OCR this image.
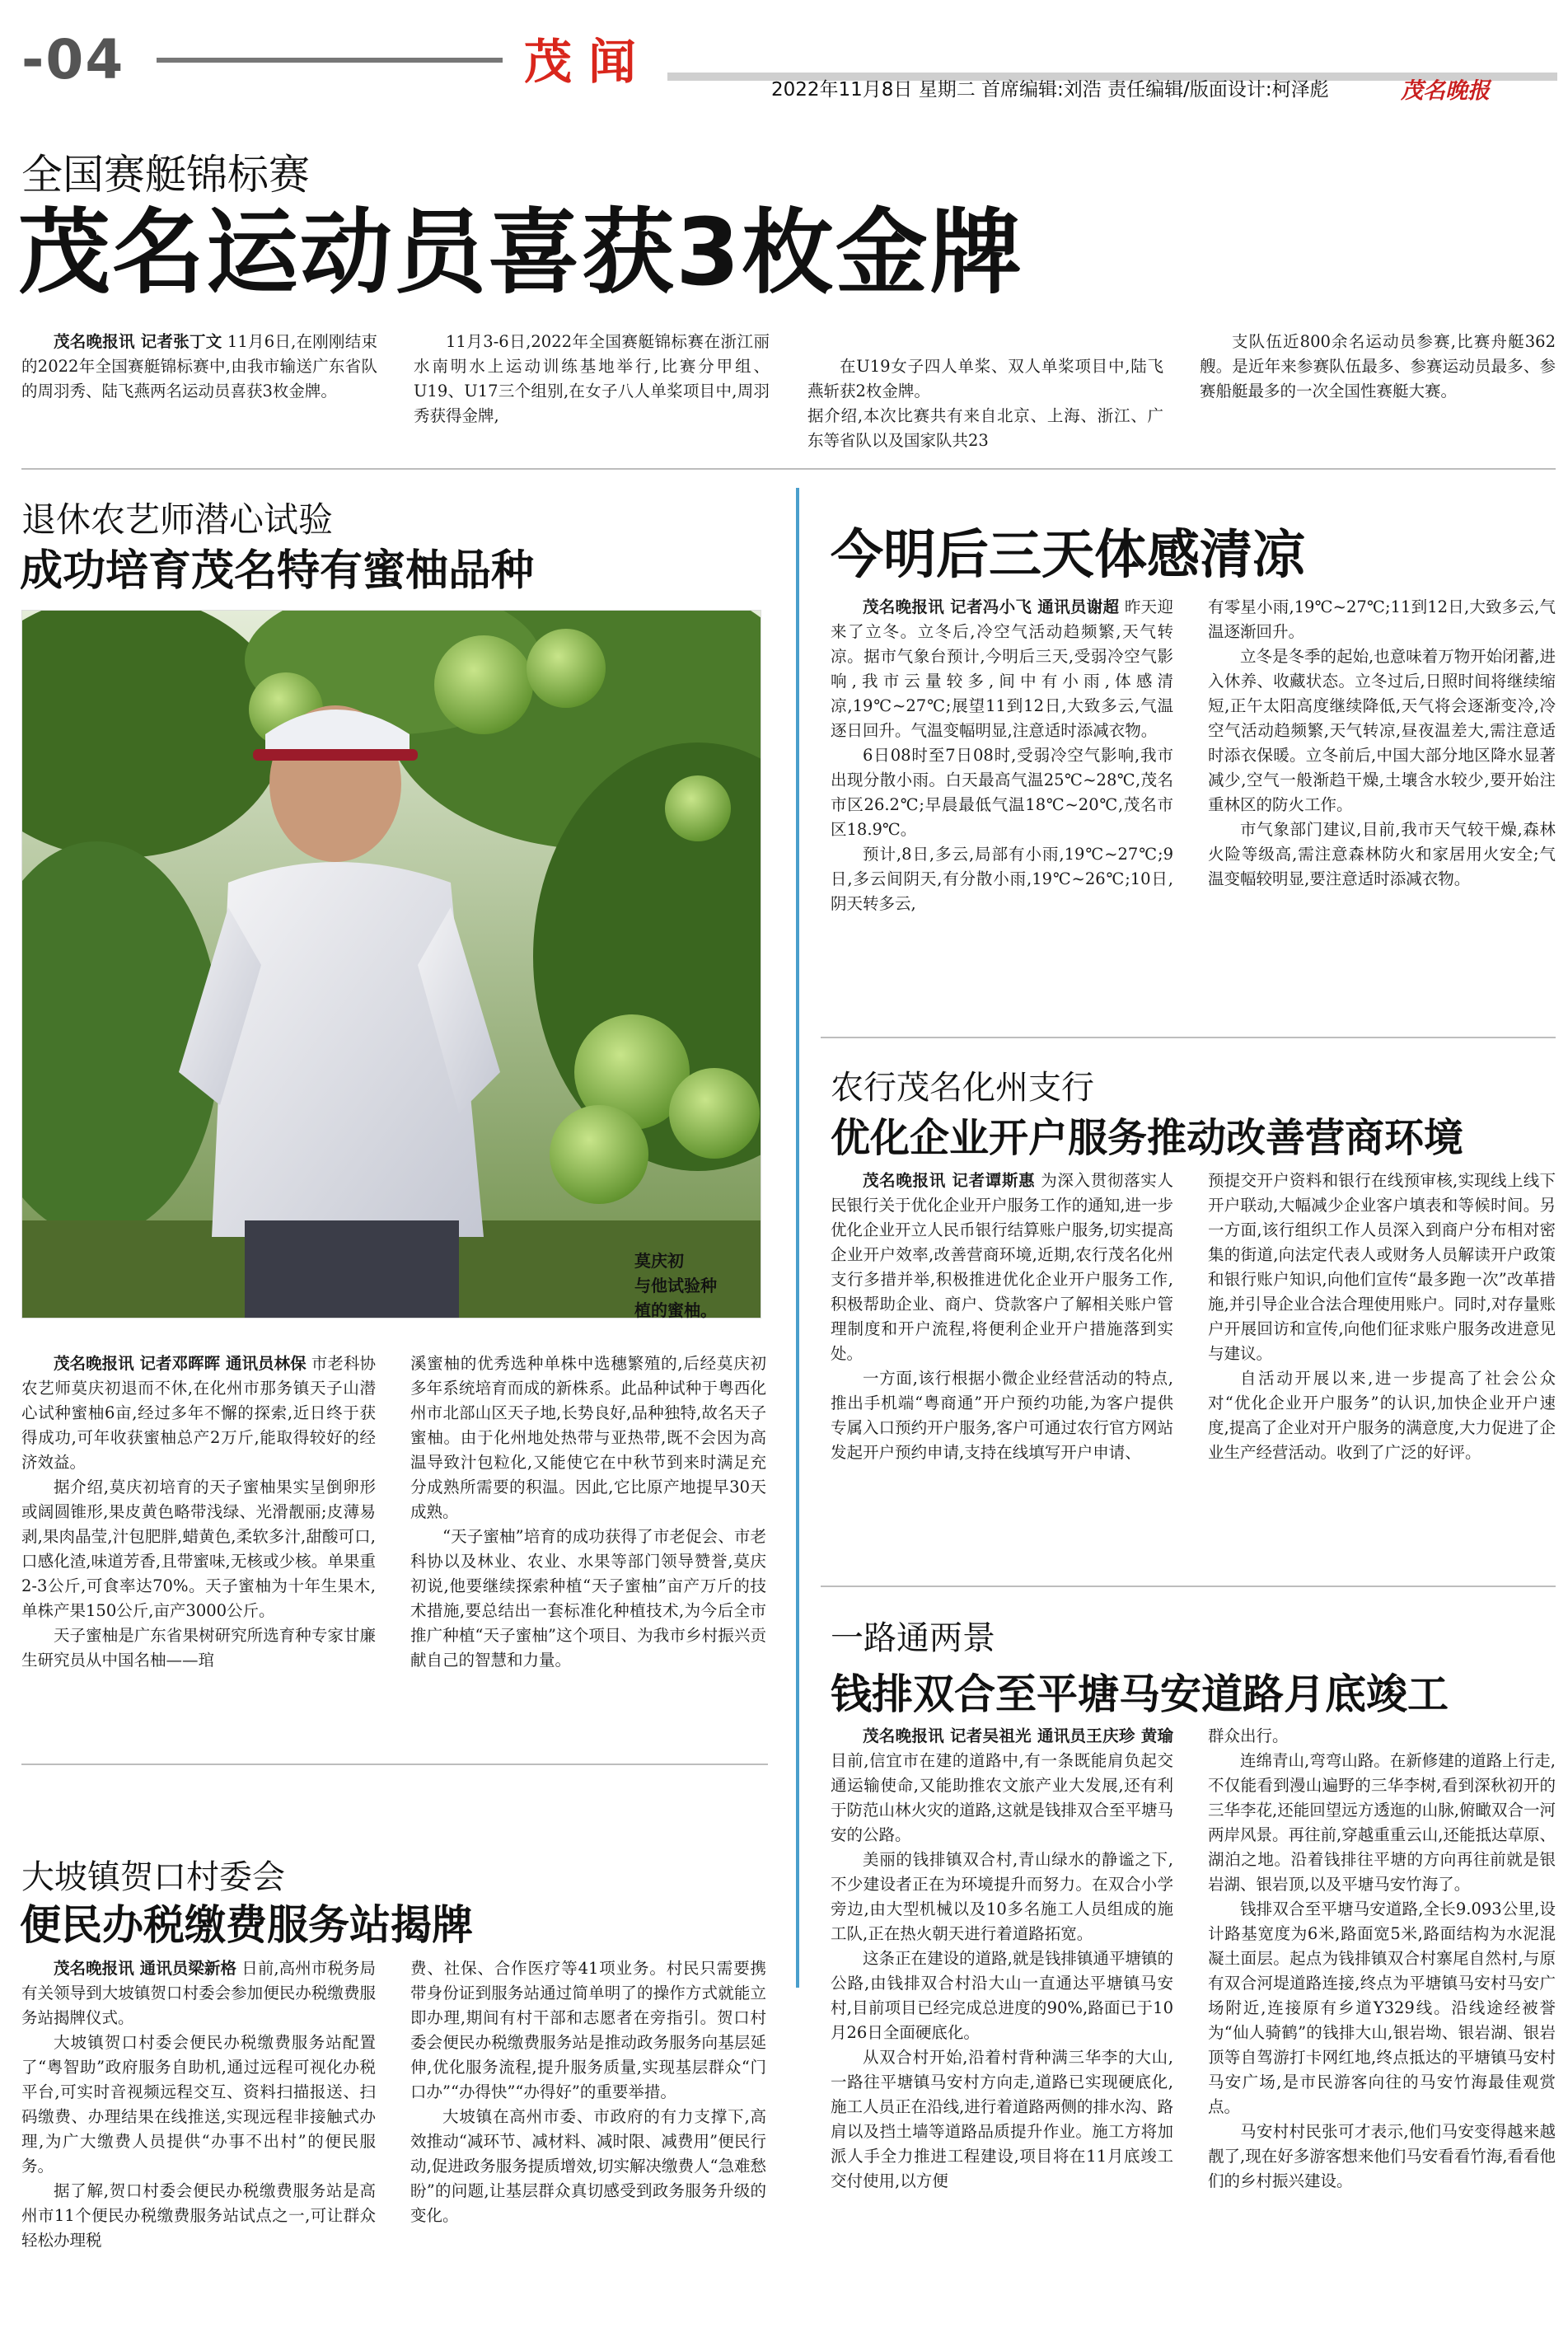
-04	茂 闻	2022年11月8日 星期二 首席编辑:刘浩 责任编辑/版面设计:柯泽彪	茂名晚报
全国赛艇锦标赛
茂名运动员喜获3枚金牌

茂名晚报讯 记者张丁文 11月6日,在刚刚结束的2022年全国赛艇锦标赛中,由我市输送广东省队的周羽秀、陆飞燕两名运动员喜获3枚金牌。

11月3-6日,2022年全国赛艇锦标赛在浙江丽水南明水上运动训练基地举行,比赛分甲组、U19、U17三个组别,在女子八人单桨项目中,周羽秀获得金牌,

在U19女子四人单桨、双人单桨项目中,陆飞燕斩获2枚金牌。
据介绍,本次比赛共有来自北京、上海、浙江、广东等省队以及国家队共23

支队伍近800余名运动员参赛,比赛舟艇362艘。是近年来参赛队伍最多、参赛运动员最多、参赛船艇最多的一次全国性赛艇大赛。

退休农艺师潜心试验
成功培育茂名特有蜜柚品种
莫庆初
与他试验种
植的蜜柚。

茂名晚报讯 记者邓晖晖 通讯员林保 市老科协农艺师莫庆初退而不休,在化州市那务镇天子山潜心试种蜜柚6亩,经过多年不懈的探索,近日终于获得成功,可年收获蜜柚总产2万斤,能取得较好的经济效益。

据介绍,莫庆初培育的天子蜜柚果实呈倒卵形或阔圆锥形,果皮黄色略带浅绿、光滑靓丽;皮薄易剥,果肉晶莹,汁包肥胖,蜡黄色,柔软多汁,甜酸可口,口感化渣,味道芳香,且带蜜味,无核或少核。单果重2-3公斤,可食率达70%。天子蜜柚为十年生果木,单株产果150公斤,亩产3000公斤。

天子蜜柚是广东省果树研究所选育种专家甘廉生研究员从中国名柚——琯

溪蜜柚的优秀选种单株中选穗繁殖的,后经莫庆初多年系统培育而成的新株系。此品种试种于粤西化州市北部山区天子地,长势良好,品种独特,故名天子蜜柚。由于化州地处热带与亚热带,既不会因为高温导致汁包粒化,又能使它在中秋节到来时满足充分成熟所需要的积温。因此,它比原产地提早30天成熟。

“天子蜜柚”培育的成功获得了市老促会、市老科协以及林业、农业、水果等部门领导赞誉,莫庆初说,他要继续探索种植“天子蜜柚”亩产万斤的技术措施,要总结出一套标准化种植技术,为今后全市推广种植“天子蜜柚”这个项目、为我市乡村振兴贡献自己的智慧和力量。

今明后三天体感清凉

茂名晚报讯 记者冯小飞 通讯员谢超 昨天迎来了立冬。立冬后,冷空气活动趋频繁,天气转凉。据市气象台预计,今明后三天,受弱冷空气影响,我市云量较多,间中有小雨,体感清凉,19℃~27℃;展望11到12日,大致多云,气温逐日回升。气温变幅明显,注意适时添减衣物。

6日08时至7日08时,受弱冷空气影响,我市出现分散小雨。白天最高气温25℃~28℃,茂名市区26.2℃;早晨最低气温18℃~20℃,茂名市区18.9℃。

预计,8日,多云,局部有小雨,19℃~27℃;9日,多云间阴天,有分散小雨,19℃~26℃;10日,阴天转多云,

有零星小雨,19℃~27℃;11到12日,大致多云,气温逐渐回升。

立冬是冬季的起始,也意味着万物开始闭蓄,进入休养、收藏状态。立冬过后,日照时间将继续缩短,正午太阳高度继续降低,天气将会逐渐变冷,冷空气活动趋频繁,天气转凉,昼夜温差大,需注意适时添衣保暖。立冬前后,中国大部分地区降水显著减少,空气一般渐趋干燥,土壤含水较少,要开始注重林区的防火工作。

市气象部门建议,目前,我市天气较干燥,森林火险等级高,需注意森林防火和家居用火安全;气温变幅较明显,要注意适时添减衣物。

农行茂名化州支行
优化企业开户服务推动改善营商环境

茂名晚报讯 记者谭斯惠 为深入贯彻落实人民银行关于优化企业开户服务工作的通知,进一步优化企业开立人民币银行结算账户服务,切实提高企业开户效率,改善营商环境,近期,农行茂名化州支行多措并举,积极推进优化企业开户服务工作,积极帮助企业、商户、贷款客户了解相关账户管理制度和开户流程,将便利企业开户措施落到实处。

一方面,该行根据小微企业经营活动的特点,推出手机端“粤商通”开户预约功能,为客户提供专属入口预约开户服务,客户可通过农行官方网站发起开户预约申请,支持在线填写开户申请、

预提交开户资料和银行在线预审核,实现线上线下开户联动,大幅减少企业客户填表和等候时间。另一方面,该行组织工作人员深入到商户分布相对密集的街道,向法定代表人或财务人员解读开户政策和银行账户知识,向他们宣传“最多跑一次”改革措施,并引导企业合法合理使用账户。同时,对存量账户开展回访和宣传,向他们征求账户服务改进意见与建议。

自活动开展以来,进一步提高了社会公众对“优化企业开户服务”的认识,加快企业开户速度,提高了企业对开户服务的满意度,大力促进了企业生产经营活动。收到了广泛的好评。

一路通两景
钱排双合至平塘马安道路月底竣工

茂名晚报讯 记者吴祖光 通讯员王庆珍 黄瑜 目前,信宜市在建的道路中,有一条既能肩负起交通运输使命,又能助推农文旅产业大发展,还有利于防范山林火灾的道路,这就是钱排双合至平塘马安的公路。

美丽的钱排镇双合村,青山绿水的静谧之下,不少建设者正在为环境提升而努力。在双合小学旁边,由大型机械以及10多名施工人员组成的施工队,正在热火朝天进行着道路拓宽。

这条正在建设的道路,就是钱排镇通平塘镇的公路,由钱排双合村沿大山一直通达平塘镇马安村,目前项目已经完成总进度的90%,路面已于10月26日全面硬底化。

从双合村开始,沿着村背种满三华李的大山,一路往平塘镇马安村方向走,道路已实现硬底化,施工人员正在沿线,进行着道路两侧的排水沟、路肩以及挡土墙等道路品质提升作业。施工方将加派人手全力推进工程建设,项目将在11月底竣工交付使用,以方便

群众出行。

连绵青山,弯弯山路。在新修建的道路上行走,不仅能看到漫山遍野的三华李树,看到深秋初开的三华李花,还能回望远方透迤的山脉,俯瞰双合一河两岸风景。再往前,穿越重重云山,还能抵达草原、湖泊之地。沿着钱排往平塘的方向再往前就是银岩湖、银岩顶,以及平塘马安竹海了。

钱排双合至平塘马安道路,全长9.093公里,设计路基宽度为6米,路面宽5米,路面结构为水泥混凝土面层。起点为钱排镇双合村寨尾自然村,与原有双合河堤道路连接,终点为平塘镇马安村马安广场附近,连接原有乡道Y329线。沿线途经被誉为“仙人骑鹤”的钱排大山,银岩坳、银岩湖、银岩顶等自驾游打卡网红地,终点抵达的平塘镇马安村马安广场,是市民游客向往的马安竹海最佳观赏点。

马安村村民张可才表示,他们马安变得越来越靓了,现在好多游客想来他们马安看看竹海,看看他们的乡村振兴建设。

大坡镇贺口村委会
便民办税缴费服务站揭牌

茂名晚报讯 通讯员梁新格 日前,高州市税务局有关领导到大坡镇贺口村委会参加便民办税缴费服务站揭牌仪式。

大坡镇贺口村委会便民办税缴费服务站配置了“粤智助”政府服务自助机,通过远程可视化办税平台,可实时音视频远程交互、资料扫描报送、扫码缴费、办理结果在线推送,实现远程非接触式办理,为广大缴费人员提供“办事不出村”的便民服务。

据了解,贺口村委会便民办税缴费服务站是高州市11个便民办税缴费服务站试点之一,可让群众轻松办理税

费、社保、合作医疗等41项业务。村民只需要携带身份证到服务站通过简单明了的操作方式就能立即办理,期间有村干部和志愿者在旁指引。贺口村委会便民办税缴费服务站是推动政务服务向基层延伸,优化服务流程,提升服务质量,实现基层群众“门口办”“办得快”“办得好”的重要举措。

大坡镇在高州市委、市政府的有力支撑下,高效推动“减环节、减材料、减时限、减费用”便民行动,促进政务服务提质增效,切实解决缴费人“急难愁盼”的问题,让基层群众真切感受到政务服务升级的变化。
